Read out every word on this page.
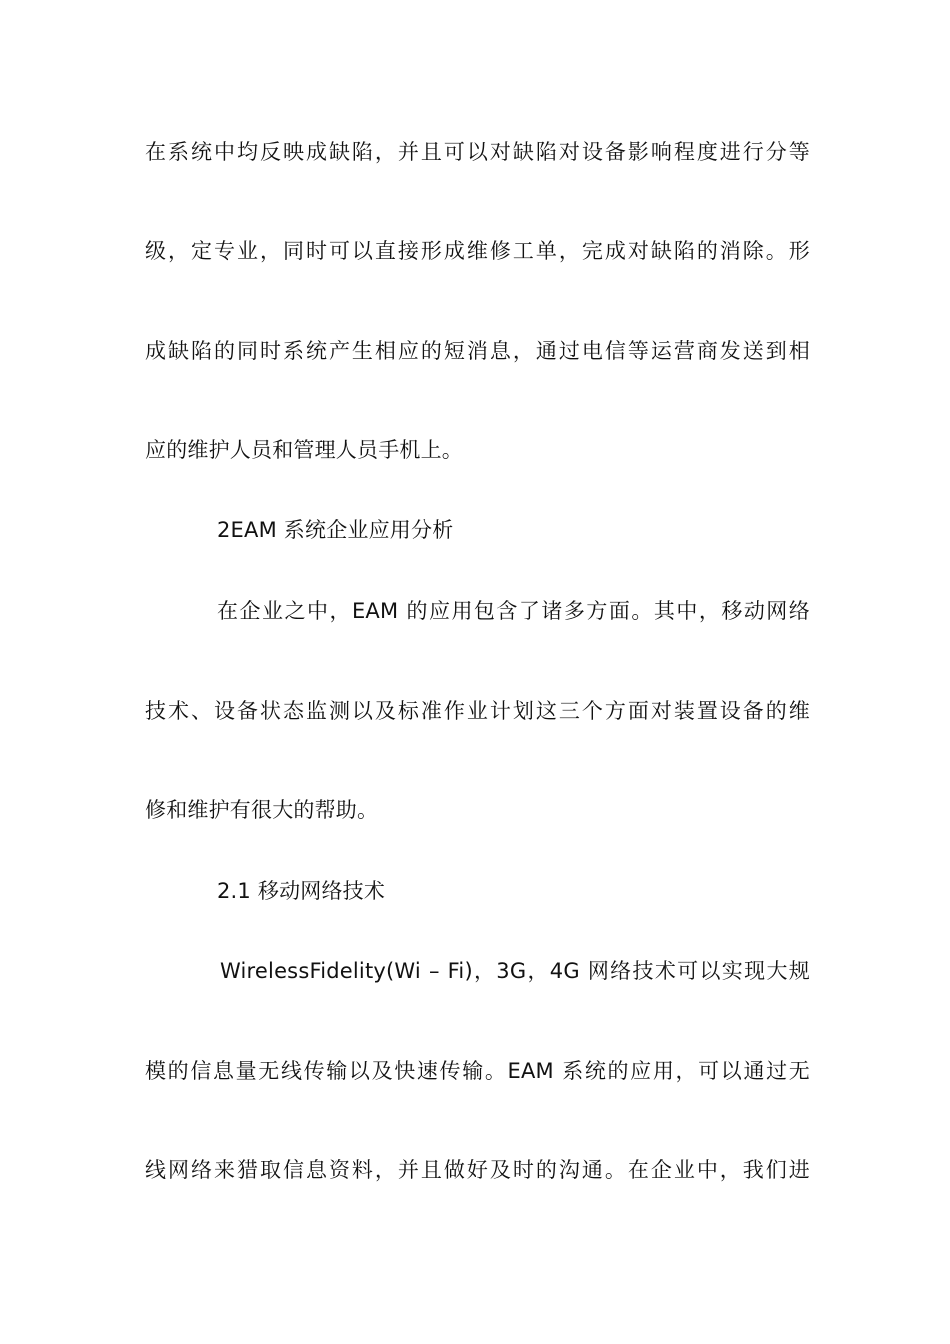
在系统中均反映成缺陷，并且可以对缺陷对设备影响程度进行分等
级，定专业，同时可以直接形成维修工单，完成对缺陷的消除。形
成缺陷的同时系统产生相应的短消息，通过电信等运营商发送到相
应的维护人员和管理人员手机上。
2EAM 系统企业应用分析
在企业之中，EAM 的应用包含了诸多方面。其中，移动网络
技术、设备状态监测以及标准作业计划这三个方面对装置设备的维
修和维护有很大的帮助。
2.1 移动网络技术
WirelessFidelity(Wi – Fi)，3G，4G 网络技术可以实现大规
模的信息量无线传输以及快速传输。EAM 系统的应用，可以通过无
线网络来猎取信息资料，并且做好及时的沟通。在企业中，我们进
